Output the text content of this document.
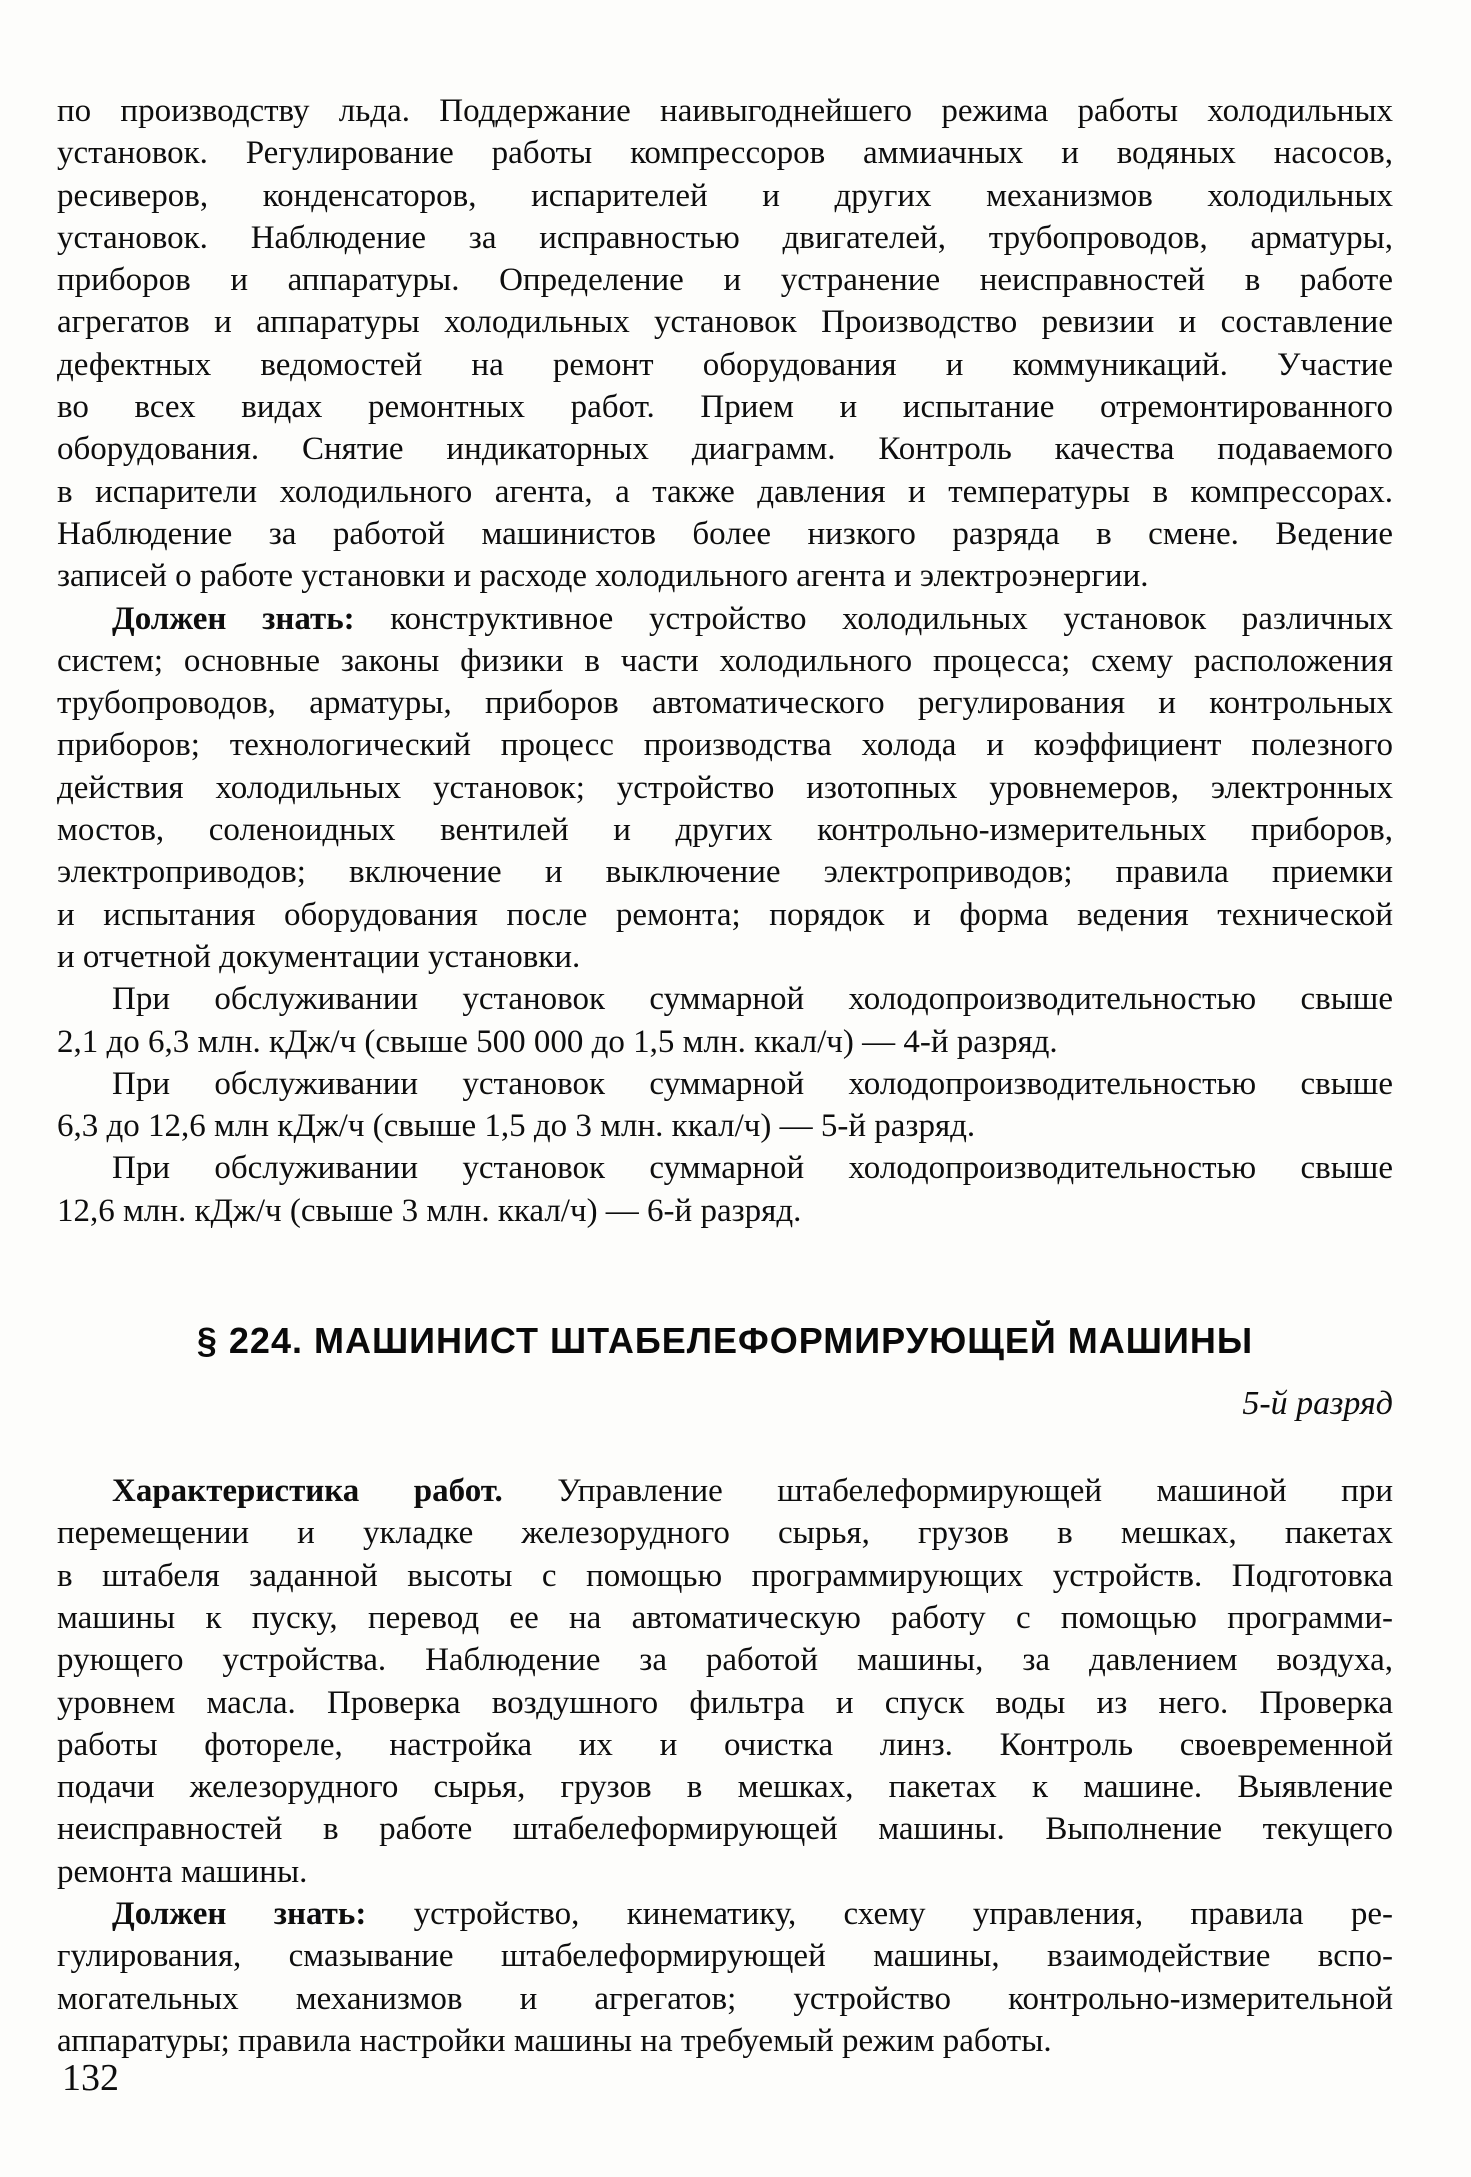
по производству льда. Поддержание наивыгоднейшего режима работы холодильных
установок. Регулирование работы компрессоров аммиачных и водяных насосов,
ресиверов, конденсаторов, испарителей и других механизмов холодильных
установок. Наблюдение за исправностью двигателей, трубопроводов, арматуры,
приборов и аппаратуры. Определение и устранение неисправностей в работе
агрегатов и аппаратуры холодильных установок Производство ревизии и составление
дефектных ведомостей на ремонт оборудования и коммуникаций. Участие
во всех видах ремонтных работ. Прием и испытание отремонтированного
оборудования. Снятие индикаторных диаграмм. Контроль качества подаваемого
в испарители холодильного агента, а также давления и температуры в компрессорах.
Наблюдение за работой машинистов более низкого разряда в смене. Ведение
записей о работе установки и расходе холодильного агента и электроэнергии.
Должен знать: конструктивное устройство холодильных установок различных
систем; основные законы физики в части холодильного процесса; схему расположения
трубопроводов, арматуры, приборов автоматического регулирования и контрольных
приборов; технологический процесс производства холода и коэффициент полезного
действия холодильных установок; устройство изотопных уровнемеров, электронных
мостов, соленоидных вентилей и других контрольно-измерительных приборов,
электроприводов; включение и выключение электроприводов; правила приемки
и испытания оборудования после ремонта; порядок и форма ведения технической
и отчетной документации установки.
При обслуживании установок суммарной холодопроизводительностью свыше
2,1 до 6,3 млн. кДж/ч (свыше 500 000 до 1,5 млн. ккал/ч) — 4-й разряд.
При обслуживании установок суммарной холодопроизводительностью свыше
6,3 до 12,6 млн кДж/ч (свыше 1,5 до 3 млн. ккал/ч) — 5-й разряд.
При обслуживании установок суммарной холодопроизводительностью свыше
12,6 млн. кДж/ч (свыше 3 млн. ккал/ч) — 6-й разряд.
§ 224. МАШИНИСТ ШТАБЕЛЕФОРМИРУЮЩЕЙ МАШИНЫ
5-й разряд
Характеристика работ. Управление штабелеформирующей машиной при
перемещении и укладке железорудного сырья, грузов в мешках, пакетах
в штабеля заданной высоты с помощью программирующих устройств. Подготовка
машины к пуску, перевод ее на автоматическую работу с помощью программи-
рующего устройства. Наблюдение за работой машины, за давлением воздуха,
уровнем масла. Проверка воздушного фильтра и спуск воды из него. Проверка
работы фотореле, настройка их и очистка линз. Контроль своевременной
подачи железорудного сырья, грузов в мешках, пакетах к машине. Выявление
неисправностей в работе штабелеформирующей машины. Выполнение текущего
ремонта машины.
Должен знать: устройство, кинематику, схему управления, правила ре-
гулирования, смазывание штабелеформирующей машины, взаимодействие вспо-
могательных механизмов и агрегатов; устройство контрольно-измерительной
аппаратуры; правила настройки машины на требуемый режим работы.
132
